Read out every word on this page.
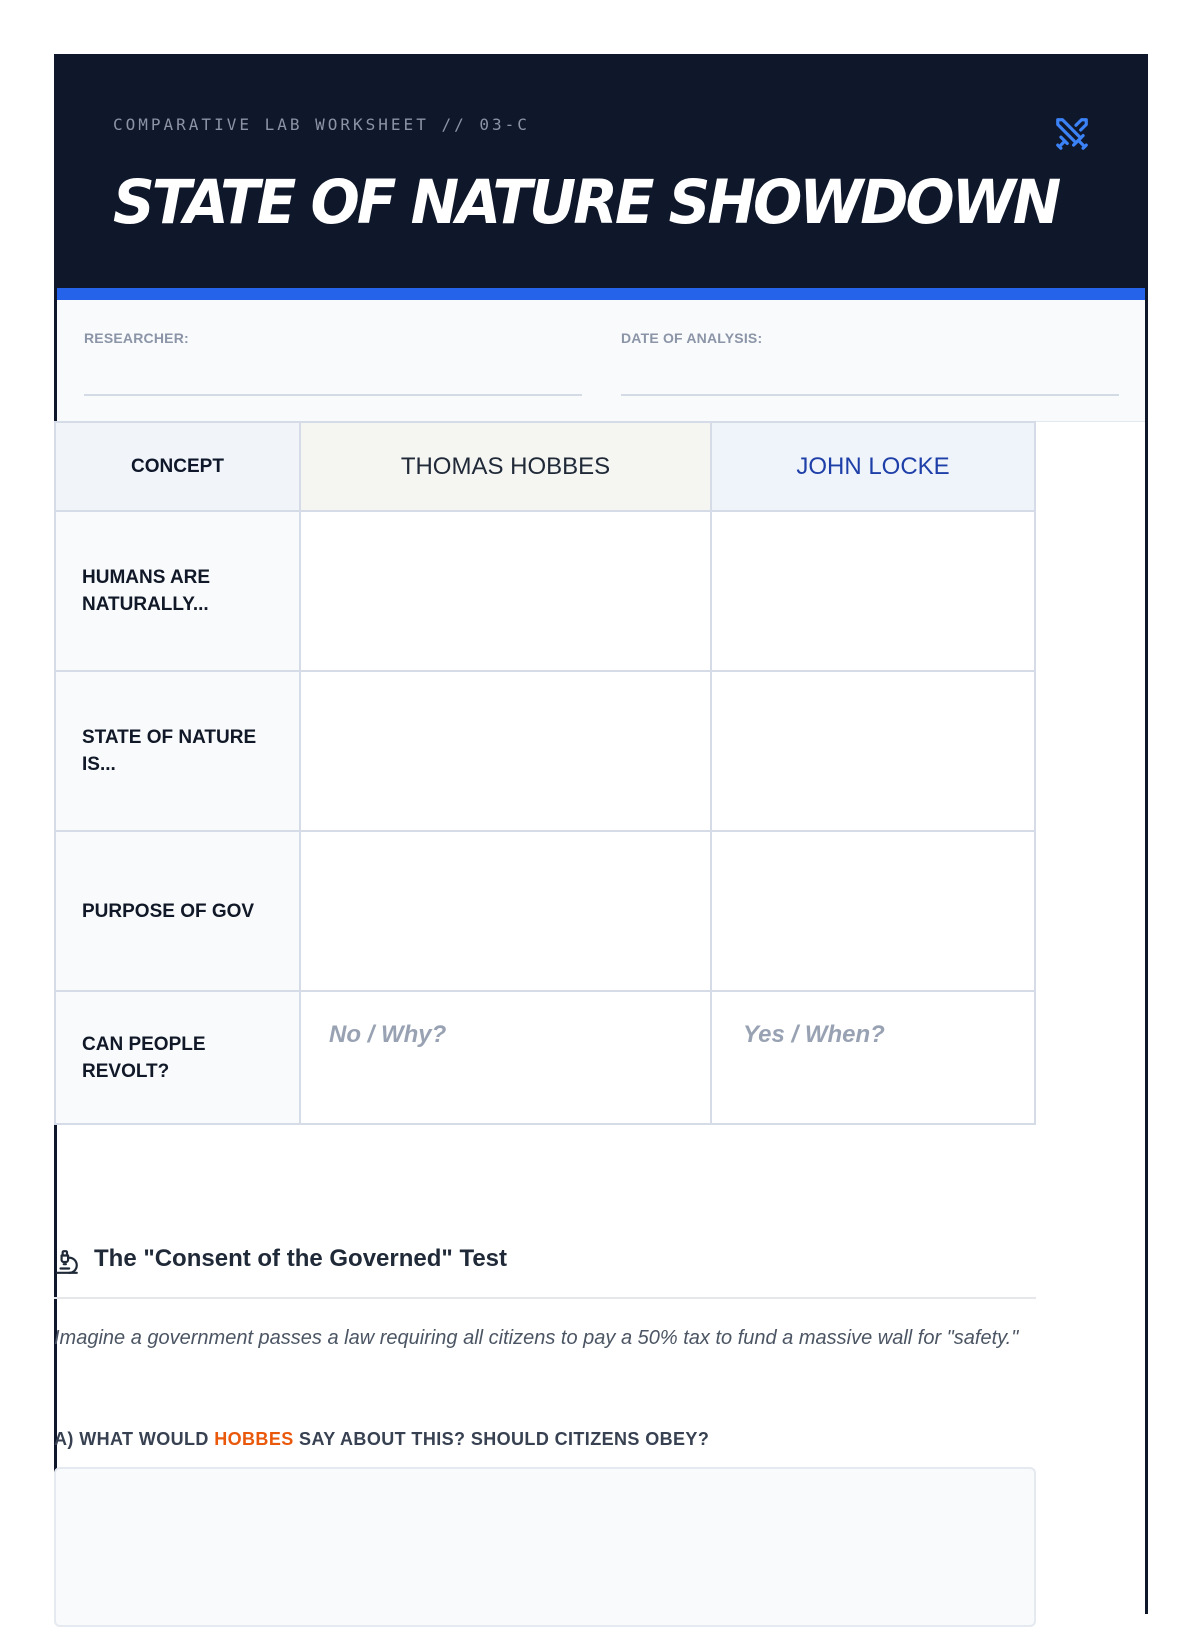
COMPARATIVE LAB WORKSHEET // 03-C
STATE OF NATURE SHOWDOWN
RESEARCHER:	DATE OF ANALYSIS:
CONCEPT	THOMAS HOBBES	JOHN LOCKE
HUMANS ARE NATURALLY...		
STATE OF NATURE IS...		
PURPOSE OF GOV		
CAN PEOPLE REVOLT?	No / Why?	Yes / When?
The "Consent of the Governed" Test
Imagine a government passes a law requiring all citizens to pay a 50% tax to fund a massive wall for "safety."
A) WHAT WOULD HOBBES SAY ABOUT THIS? SHOULD CITIZENS OBEY?
